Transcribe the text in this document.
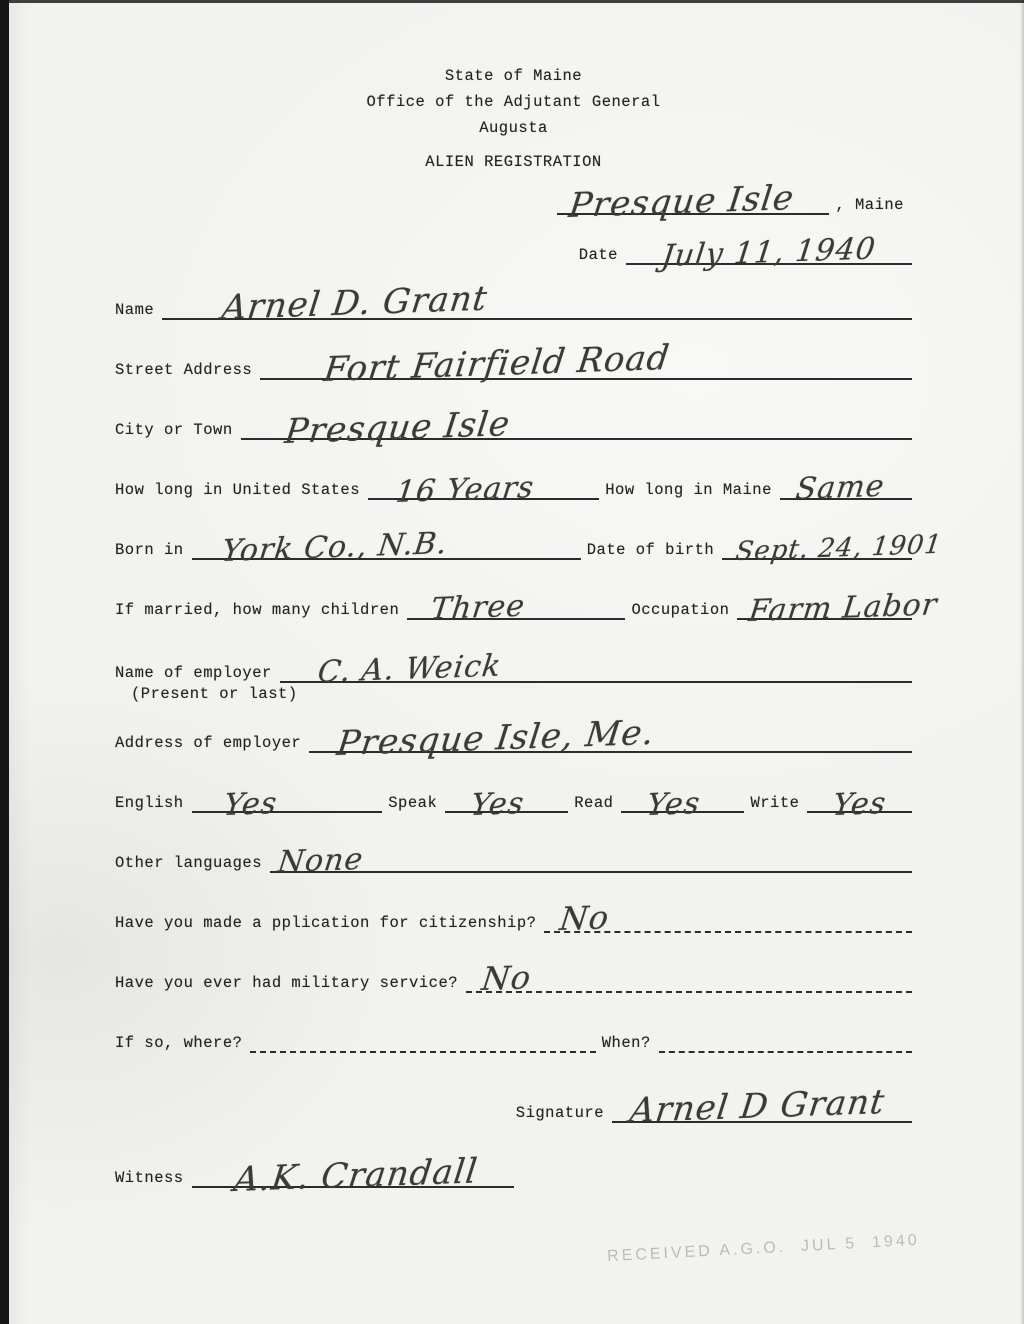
State of Maine
Office of the Adjutant General
Augusta
ALIEN REGISTRATION
Presque Isle	, Maine
Date July 11, 1940
Name Arnel D. Grant
Street Address Fort Fairfield Road
City or Town Presque Isle
How long in United States 16 Years	How long in Maine Same
Born in York Co., N.B.	Date of birth Sept. 24, 1901
If married, how many children Three	Occupation Farm Labor
Name of employer C. A. Weick
(Present or last)
Address of employer Presque Isle, Me.
English Yes	Speak Yes	Read Yes	Write Yes
Other languages None
Have you made a pplication for citizenship? No
Have you ever had military service? No
If so, where?	When?
Signature Arnel D Grant
Witness A.K. Crandall
RECEIVED A.G.O.  JUL 5  1940
